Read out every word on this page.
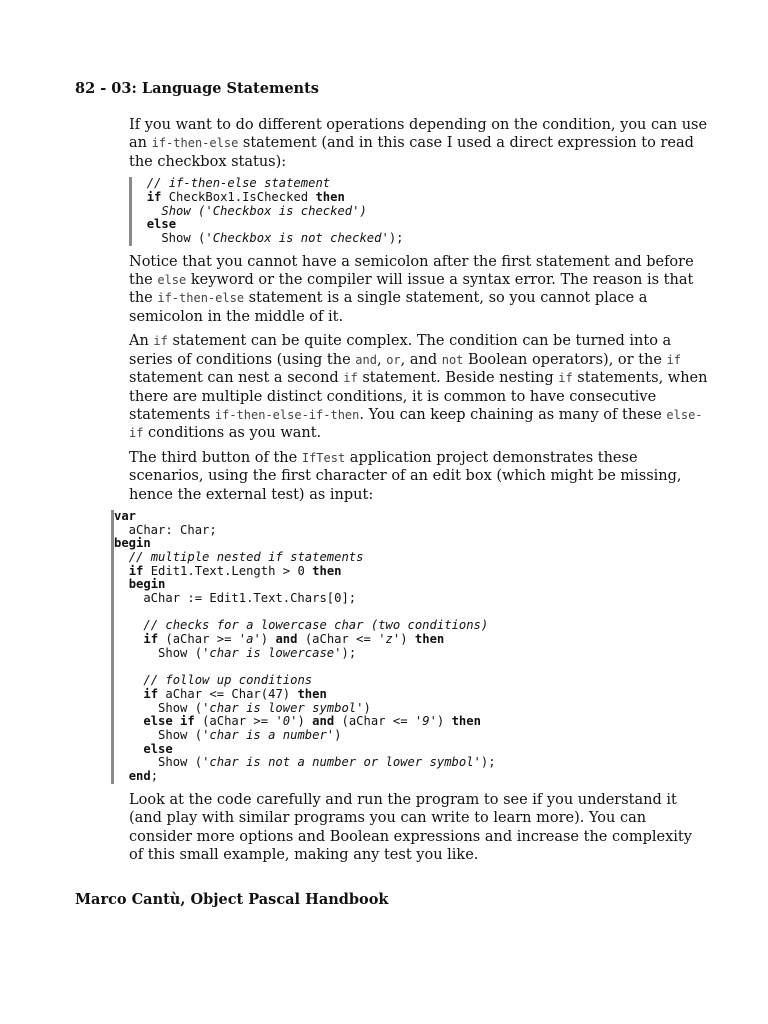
82 - 03: Language Statements

If you want to do different operations depending on the condition, you can use an if-then-else statement (and in this case I used a direct expression to read the checkbox status):

// if-then-else statement
if CheckBox1.IsChecked then
Show ('Checkbox is checked')
else
Show ('Checkbox is not checked');

Notice that you cannot have a semicolon after the first statement and before the else keyword or the compiler will issue a syntax error. The reason is that the if-then-else statement is a single statement, so you cannot place a semicolon in the middle of it.

An if statement can be quite complex. The condition can be turned into a series of conditions (using the and, or, and not Boolean operators), or the if statement can nest a second if statement. Beside nesting if statements, when there are multiple distinct conditions, it is common to have consecutive statements if-then-else-if-then. You can keep chaining as many of these else-if conditions as you want.

The third button of the IfTest application project demonstrates these scenarios, using the first character of an edit box (which might be missing, hence the external test) as input:

var
aChar: Char;
begin
// multiple nested if statements
if Edit1.Text.Length > 0 then
begin
aChar := Edit1.Text.Chars[0];
// checks for a lowercase char (two conditions)
if (aChar >= 'a') and (aChar <= 'z') then
Show ('char is lowercase');
// follow up conditions
if aChar <= Char(47) then
Show ('char is lower symbol')
else if (aChar >= '0') and (aChar <= '9') then
Show ('char is a number')
else
Show ('char is not a number or lower symbol');
end;

Look at the code carefully and run the program to see if you understand it (and play with similar programs you can write to learn more). You can consider more options and Boolean expressions and increase the complexity of this small example, making any test you like.

Marco Cantù, Object Pascal Handbook
